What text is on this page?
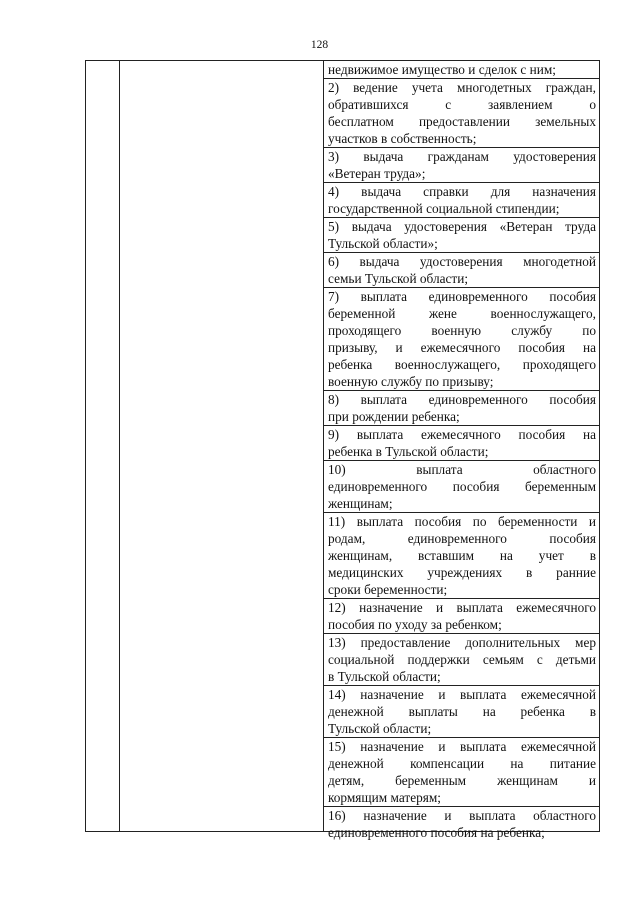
128
недвижимое имущество и сделок с ним;
2) ведение учета многодетных граждан,
обратившихся с заявлением о
бесплатном предоставлении земельных
участков в собственность;
3) выдача гражданам удостоверения
«Ветеран труда»;
4) выдача справки для назначения
государственной социальной стипендии;
5) выдача удостоверения «Ветеран труда
Тульской области»;
6) выдача удостоверения многодетной
семьи Тульской области;
7) выплата единовременного пособия
беременной жене военнослужащего,
проходящего военную службу по
призыву, и ежемесячного пособия на
ребенка военнослужащего, проходящего
военную службу по призыву;
8) выплата единовременного пособия
при рождении ребенка;
9) выплата ежемесячного пособия на
ребенка в Тульской области;
10) выплата областного
единовременного пособия беременным
женщинам;
11) выплата пособия по беременности и
родам, единовременного пособия
женщинам, вставшим на учет в
медицинских учреждениях в ранние
сроки беременности;
12) назначение и выплата ежемесячного
пособия по уходу за ребенком;
13) предоставление дополнительных мер
социальной поддержки семьям с детьми
в Тульской области;
14) назначение и выплата ежемесячной
денежной выплаты на ребенка в
Тульской области;
15) назначение и выплата ежемесячной
денежной компенсации на питание
детям, беременным женщинам и
кормящим матерям;
16) назначение и выплата областного
единовременного пособия на ребенка;
